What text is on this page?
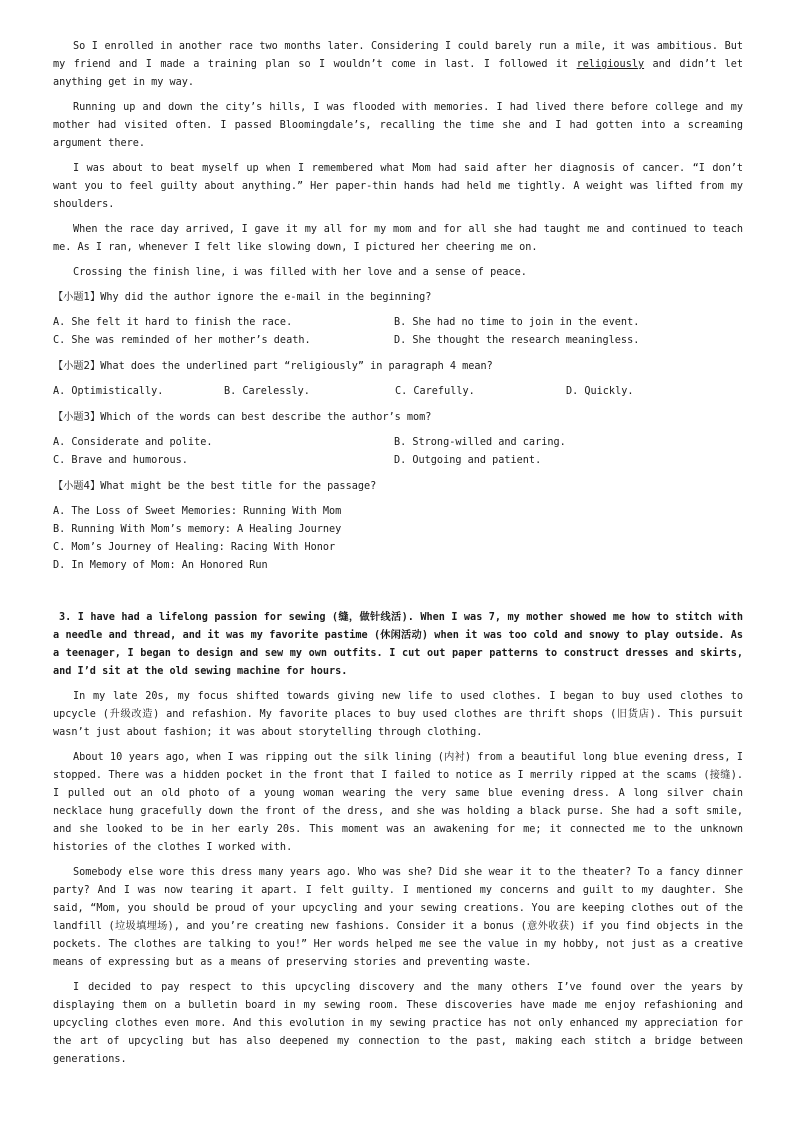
So I enrolled in another race two months later. Considering I could barely run a mile, it was ambitious. But my friend and I made a training plan so I wouldn’t come in last. I followed it religiously and didn’t let anything get in my way.

Running up and down the city’s hills, I was flooded with memories. I had lived there before college and my mother had visited often. I passed Bloomingdale’s, recalling the time she and I had gotten into a screaming argument there.

I was about to beat myself up when I remembered what Mom had said after her diagnosis of cancer. “I don’t want you to feel guilty about anything.” Her paper-thin hands had held me tightly. A weight was lifted from my shoulders.

When the race day arrived, I gave it my all for my mom and for all she had taught me and continued to teach me. As I ran, whenever I felt like slowing down, I pictured her cheering me on.

Crossing the finish line, i was filled with her love and a sense of peace.

【小题1】Why did the author ignore the e-mail in the beginning?
A. She felt it hard to finish the race.	B. She had no time to join in the event.
C. She was reminded of her mother’s death.	D. She thought the research meaningless.
【小题2】What does the underlined part “religiously” in paragraph 4 mean?
A. Optimistically.	B. Carelessly.	C. Carefully.	D. Quickly.
【小题3】Which of the words can best describe the author’s mom?
A. Considerate and polite.	B. Strong-willed and caring.
C. Brave and humorous.	D. Outgoing and patient.
【小题4】What might be the best title for the passage?
A. The Loss of Sweet Memories: Running With Mom
B. Running With Mom’s memory: A Healing Journey
C. Mom’s Journey of Healing: Racing With Honor
D. In Memory of Mom: An Honored Run

3. I have had a lifelong passion for sewing (缝，做针线活). When I was 7, my mother showed me how to stitch with a needle and thread, and it was my favorite pastime (休闲活动) when it was too cold and snowy to play outside. As a teenager, I began to design and sew my own outfits. I cut out paper patterns to construct dresses and skirts, and I’d sit at the old sewing machine for hours.

In my late 20s, my focus shifted towards giving new life to used clothes. I began to buy used clothes to upcycle (升级改造) and refashion. My favorite places to buy used clothes are thrift shops (旧货店). This pursuit wasn’t just about fashion; it was about storytelling through clothing.

About 10 years ago, when I was ripping out the silk lining (内衬) from a beautiful long blue evening dress, I stopped. There was a hidden pocket in the front that I failed to notice as I merrily ripped at the scams (接缝). I pulled out an old photo of a young woman wearing the very same blue evening dress. A long silver chain necklace hung gracefully down the front of the dress, and she was holding a black purse. She had a soft smile, and she looked to be in her early 20s. This moment was an awakening for me; it connected me to the unknown histories of the clothes I worked with.

Somebody else wore this dress many years ago. Who was she? Did she wear it to the theater? To a fancy dinner party? And I was now tearing it apart. I felt guilty. I mentioned my concerns and guilt to my daughter. She said, “Mom, you should be proud of your upcycling and your sewing creations. You are keeping clothes out of the landfill (垃圾填埋场), and you’re creating new fashions. Consider it a bonus (意外收获) if you find objects in the pockets. The clothes are talking to you!” Her words helped me see the value in my hobby, not just as a creative means of expressing but as a means of preserving stories and preventing waste.

I decided to pay respect to this upcycling discovery and the many others I’ve found over the years by displaying them on a bulletin board in my sewing room. These discoveries have made me enjoy refashioning and upcycling clothes even more. And this evolution in my sewing practice has not only enhanced my appreciation for the art of upcycling but has also deepened my connection to the past, making each stitch a bridge between generations.
